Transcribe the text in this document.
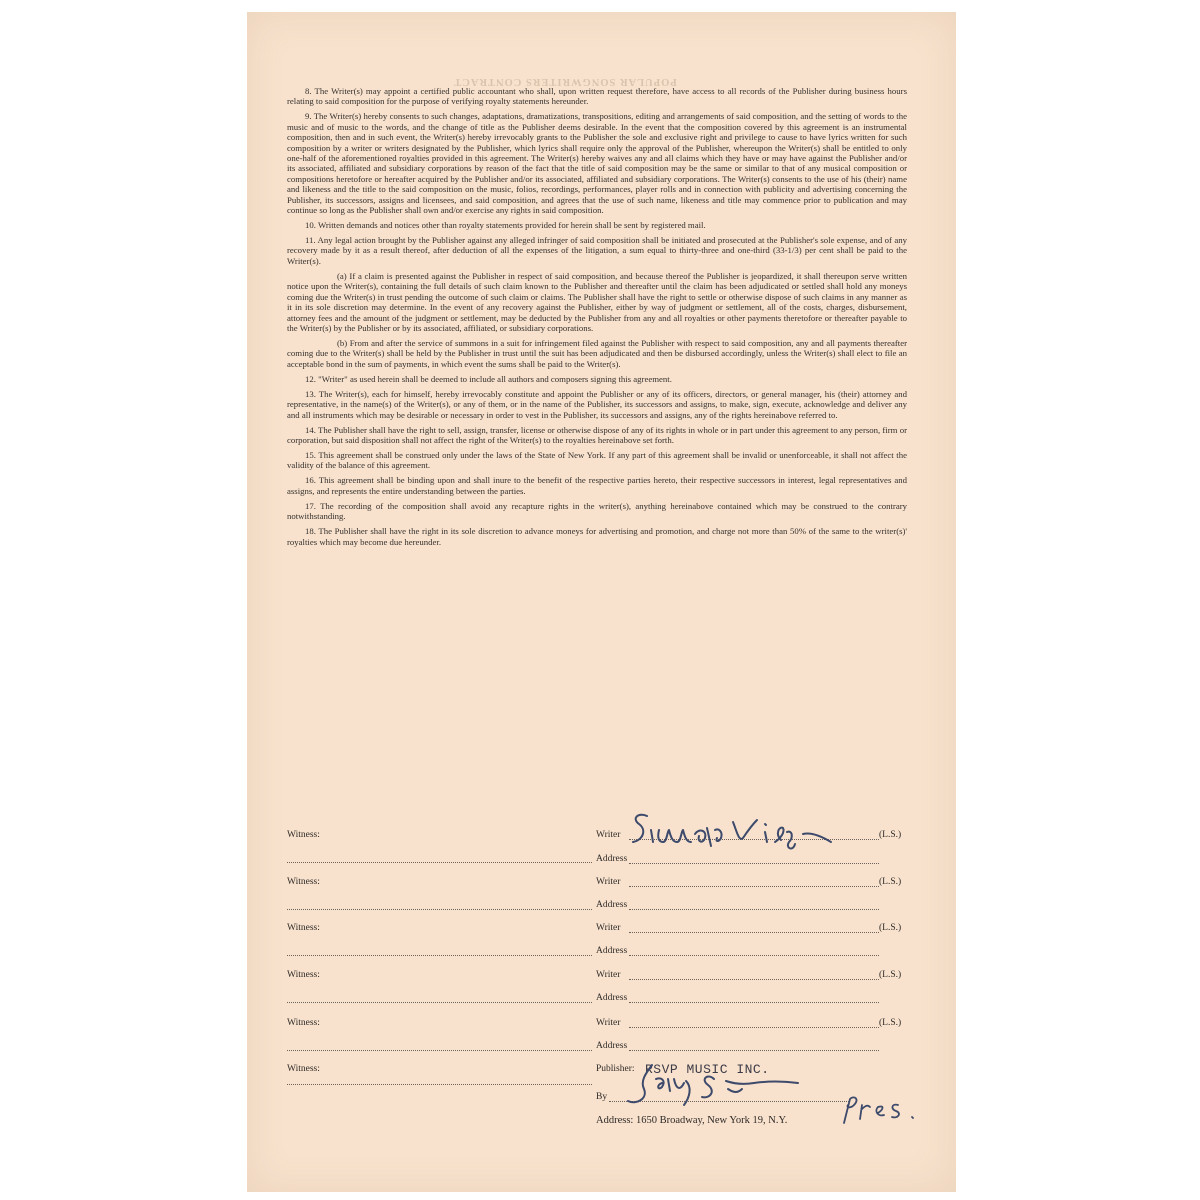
POPULAR SONGWRITERS CONTRACT

8. The Writer(s) may appoint a certified public accountant who shall, upon written request therefore, have access to all records of the Publisher during business hours relating to said composition for the purpose of verifying royalty statements hereunder.

9. The Writer(s) hereby consents to such changes, adaptations, dramatizations, transpositions, editing and arrangements of said composition, and the setting of words to the music and of music to the words, and the change of title as the Publisher deems desirable. In the event that the composition covered by this agreement is an instrumental composition, then and in such event, the Writer(s) hereby irrevocably grants to the Publisher the sole and exclusive right and privilege to cause to have lyrics written for such composition by a writer or writers designated by the Publisher, which lyrics shall require only the approval of the Publisher, whereupon the Writer(s) shall be entitled to only one-half of the aforementioned royalties provided in this agreement. The Writer(s) hereby waives any and all claims which they have or may have against the Publisher and/or its associated, affiliated and subsidiary corporations by reason of the fact that the title of said composition may be the same or similar to that of any musical composition or compositions heretofore or hereafter acquired by the Publisher and/or its associated, affiliated and subsidiary corporations. The Writer(s) consents to the use of his (their) name and likeness and the title to the said composition on the music, folios, recordings, performances, player rolls and in connection with publicity and advertising concerning the Publisher, its successors, assigns and licensees, and said composition, and agrees that the use of such name, likeness and title may commence prior to publication and may continue so long as the Publisher shall own and/or exercise any rights in said composition.

10. Written demands and notices other than royalty statements provided for herein shall be sent by registered mail.

11. Any legal action brought by the Publisher against any alleged infringer of said composition shall be initiated and prosecuted at the Publisher's sole expense, and of any recovery made by it as a result thereof, after deduction of all the expenses of the litigation, a sum equal to thirty-three and one-third (33-1/3) per cent shall be paid to the Writer(s).

(a) If a claim is presented against the Publisher in respect of said composition, and because thereof the Publisher is jeopardized, it shall thereupon serve written notice upon the Writer(s), containing the full details of such claim known to the Publisher and thereafter until the claim has been adjudicated or settled shall hold any moneys coming due the Writer(s) in trust pending the outcome of such claim or claims. The Publisher shall have the right to settle or otherwise dispose of such claims in any manner as it in its sole discretion may determine. In the event of any recovery against the Publisher, either by way of judgment or settlement, all of the costs, charges, disbursement, attorney fees and the amount of the judgment or settlement, may be deducted by the Publisher from any and all royalties or other payments theretofore or thereafter payable to the Writer(s) by the Publisher or by its associated, affiliated, or subsidiary corporations.

(b) From and after the service of summons in a suit for infringement filed against the Publisher with respect to said composition, any and all payments thereafter coming due to the Writer(s) shall be held by the Publisher in trust until the suit has been adjudicated and then be disbursed accordingly, unless the Writer(s) shall elect to file an acceptable bond in the sum of payments, in which event the sums shall be paid to the Writer(s).

12. "Writer" as used herein shall be deemed to include all authors and composers signing this agreement.

13. The Writer(s), each for himself, hereby irrevocably constitute and appoint the Publisher or any of its officers, directors, or general manager, his (their) attorney and representative, in the name(s) of the Writer(s), or any of them, or in the name of the Publisher, its successors and assigns, to make, sign, execute, acknowledge and deliver any and all instruments which may be desirable or necessary in order to vest in the Publisher, its successors and assigns, any of the rights hereinabove referred to.

14. The Publisher shall have the right to sell, assign, transfer, license or otherwise dispose of any of its rights in whole or in part under this agreement to any person, firm or corporation, but said disposition shall not affect the right of the Writer(s) to the royalties hereinabove set forth.

15. This agreement shall be construed only under the laws of the State of New York. If any part of this agreement shall be invalid or unenforceable, it shall not affect the validity of the balance of this agreement.

16. This agreement shall be binding upon and shall inure to the benefit of the respective parties hereto, their respective successors in interest, legal representatives and assigns, and represents the entire understanding between the parties.

17. The recording of the composition shall avoid any recapture rights in the writer(s), anything hereinabove contained which may be construed to the contrary notwithstanding.

18. The Publisher shall have the right in its sole discretion to advance moneys for advertising and promotion, and charge not more than 50% of the same to the writer(s)' royalties which may become due hereunder.

Witness:	Writer	(L.S.)
Address
Witness:	Writer	(L.S.)
Address
Witness:	Writer	(L.S.)
Address
Witness:	Writer	(L.S.)
Address
Witness:	Writer	(L.S.)
Address
Witness:	Publisher: RSVP MUSIC INC.
By
Address: 1650 Broadway, New York 19, N.Y.
